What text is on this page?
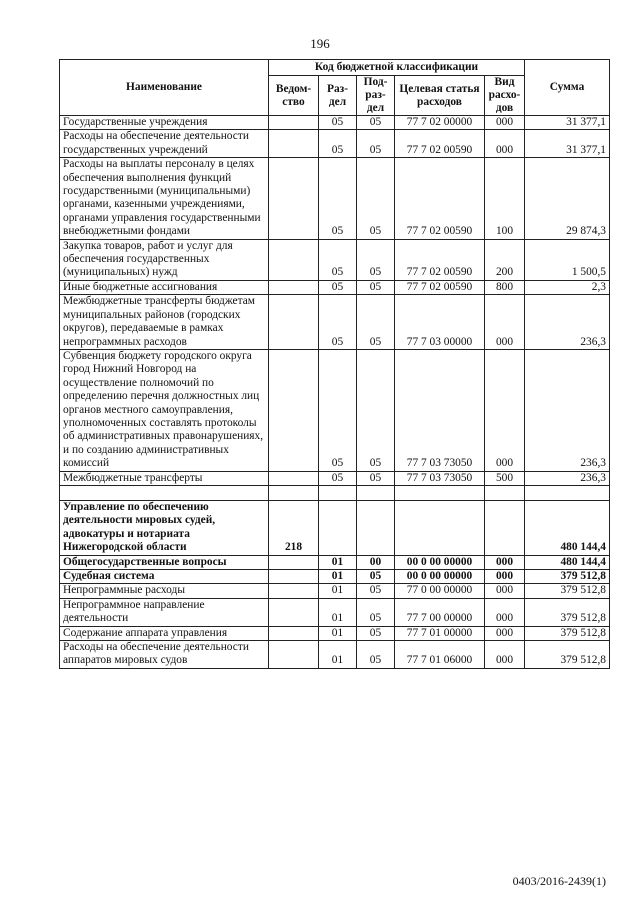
196
Наименование	Код бюджетной классификации					Сумма
	Ведом-ство	Раз-дел	Под-раз-дел	Целевая статья расходов	Вид расхо-дов	
Государственные учреждения		05	05	77 7 02 00000	000	31 377,1
Расходы на обеспечение деятельности государственных учреждений		05	05	77 7 02 00590	000	31 377,1
Расходы на выплаты персоналу в целях обеспечения выполнения функций государственными (муниципальными) органами, казенными учреждениями, органами управления государственными внебюджетными фондами		05	05	77 7 02 00590	100	29 874,3
Закупка товаров, работ и услуг для обеспечения государственных (муниципальных) нужд		05	05	77 7 02 00590	200	1 500,5
Иные бюджетные ассигнования		05	05	77 7 02 00590	800	2,3
Межбюджетные трансферты бюджетам муниципальных районов (городских округов), передаваемые в рамках непрограммных расходов		05	05	77 7 03 00000	000	236,3
Субвенция бюджету городского округа город Нижний Новгород на осуществление полномочий по определению перечня должностных лиц органов местного самоуправления, уполномоченных составлять протоколы об административных правонарушениях, и по созданию административных комиссий		05	05	77 7 03 73050	000	236,3
Межбюджетные трансферты		05	05	77 7 03 73050	500	236,3

Управление по обеспечению деятельности мировых судей, адвокатуры и нотариата Нижегородской области	218					480 144,4
Общегосударственные вопросы		01	00	00 0 00 00000	000	480 144,4
Судебная система		01	05	00 0 00 00000	000	379 512,8
Непрограммные расходы		01	05	77 0 00 00000	000	379 512,8
Непрограммное направление деятельности		01	05	77 7 00 00000	000	379 512,8
Содержание аппарата управления		01	05	77 7 01 00000	000	379 512,8
Расходы на обеспечение деятельности аппаратов мировых судов		01	05	77 7 01 06000	000	379 512,8
0403/2016-2439(1)
